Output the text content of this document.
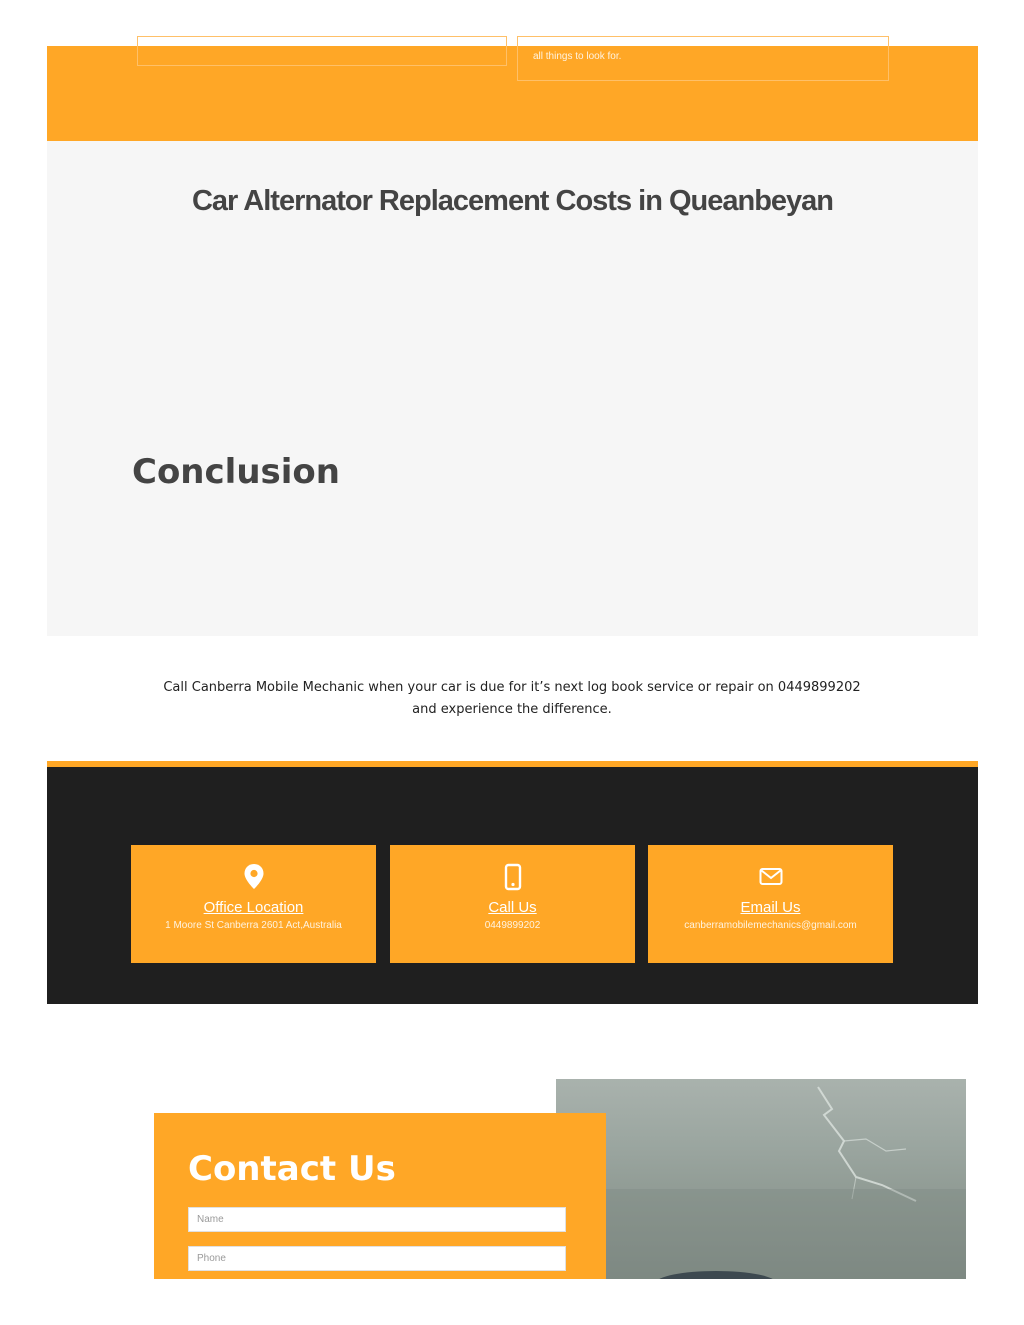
all things to look for.
Car Alternator Replacement Costs in Queanbeyan
Conclusion
Call Canberra Mobile Mechanic when your car is due for it’s next log book service or repair on 0449899202
and experience the difference.
Office Location
1 Moore St Canberra 2601 Act,Australia
Call Us
0449899202
Email Us
canberramobilemechanics@gmail.com
Contact Us
Name
Phone
